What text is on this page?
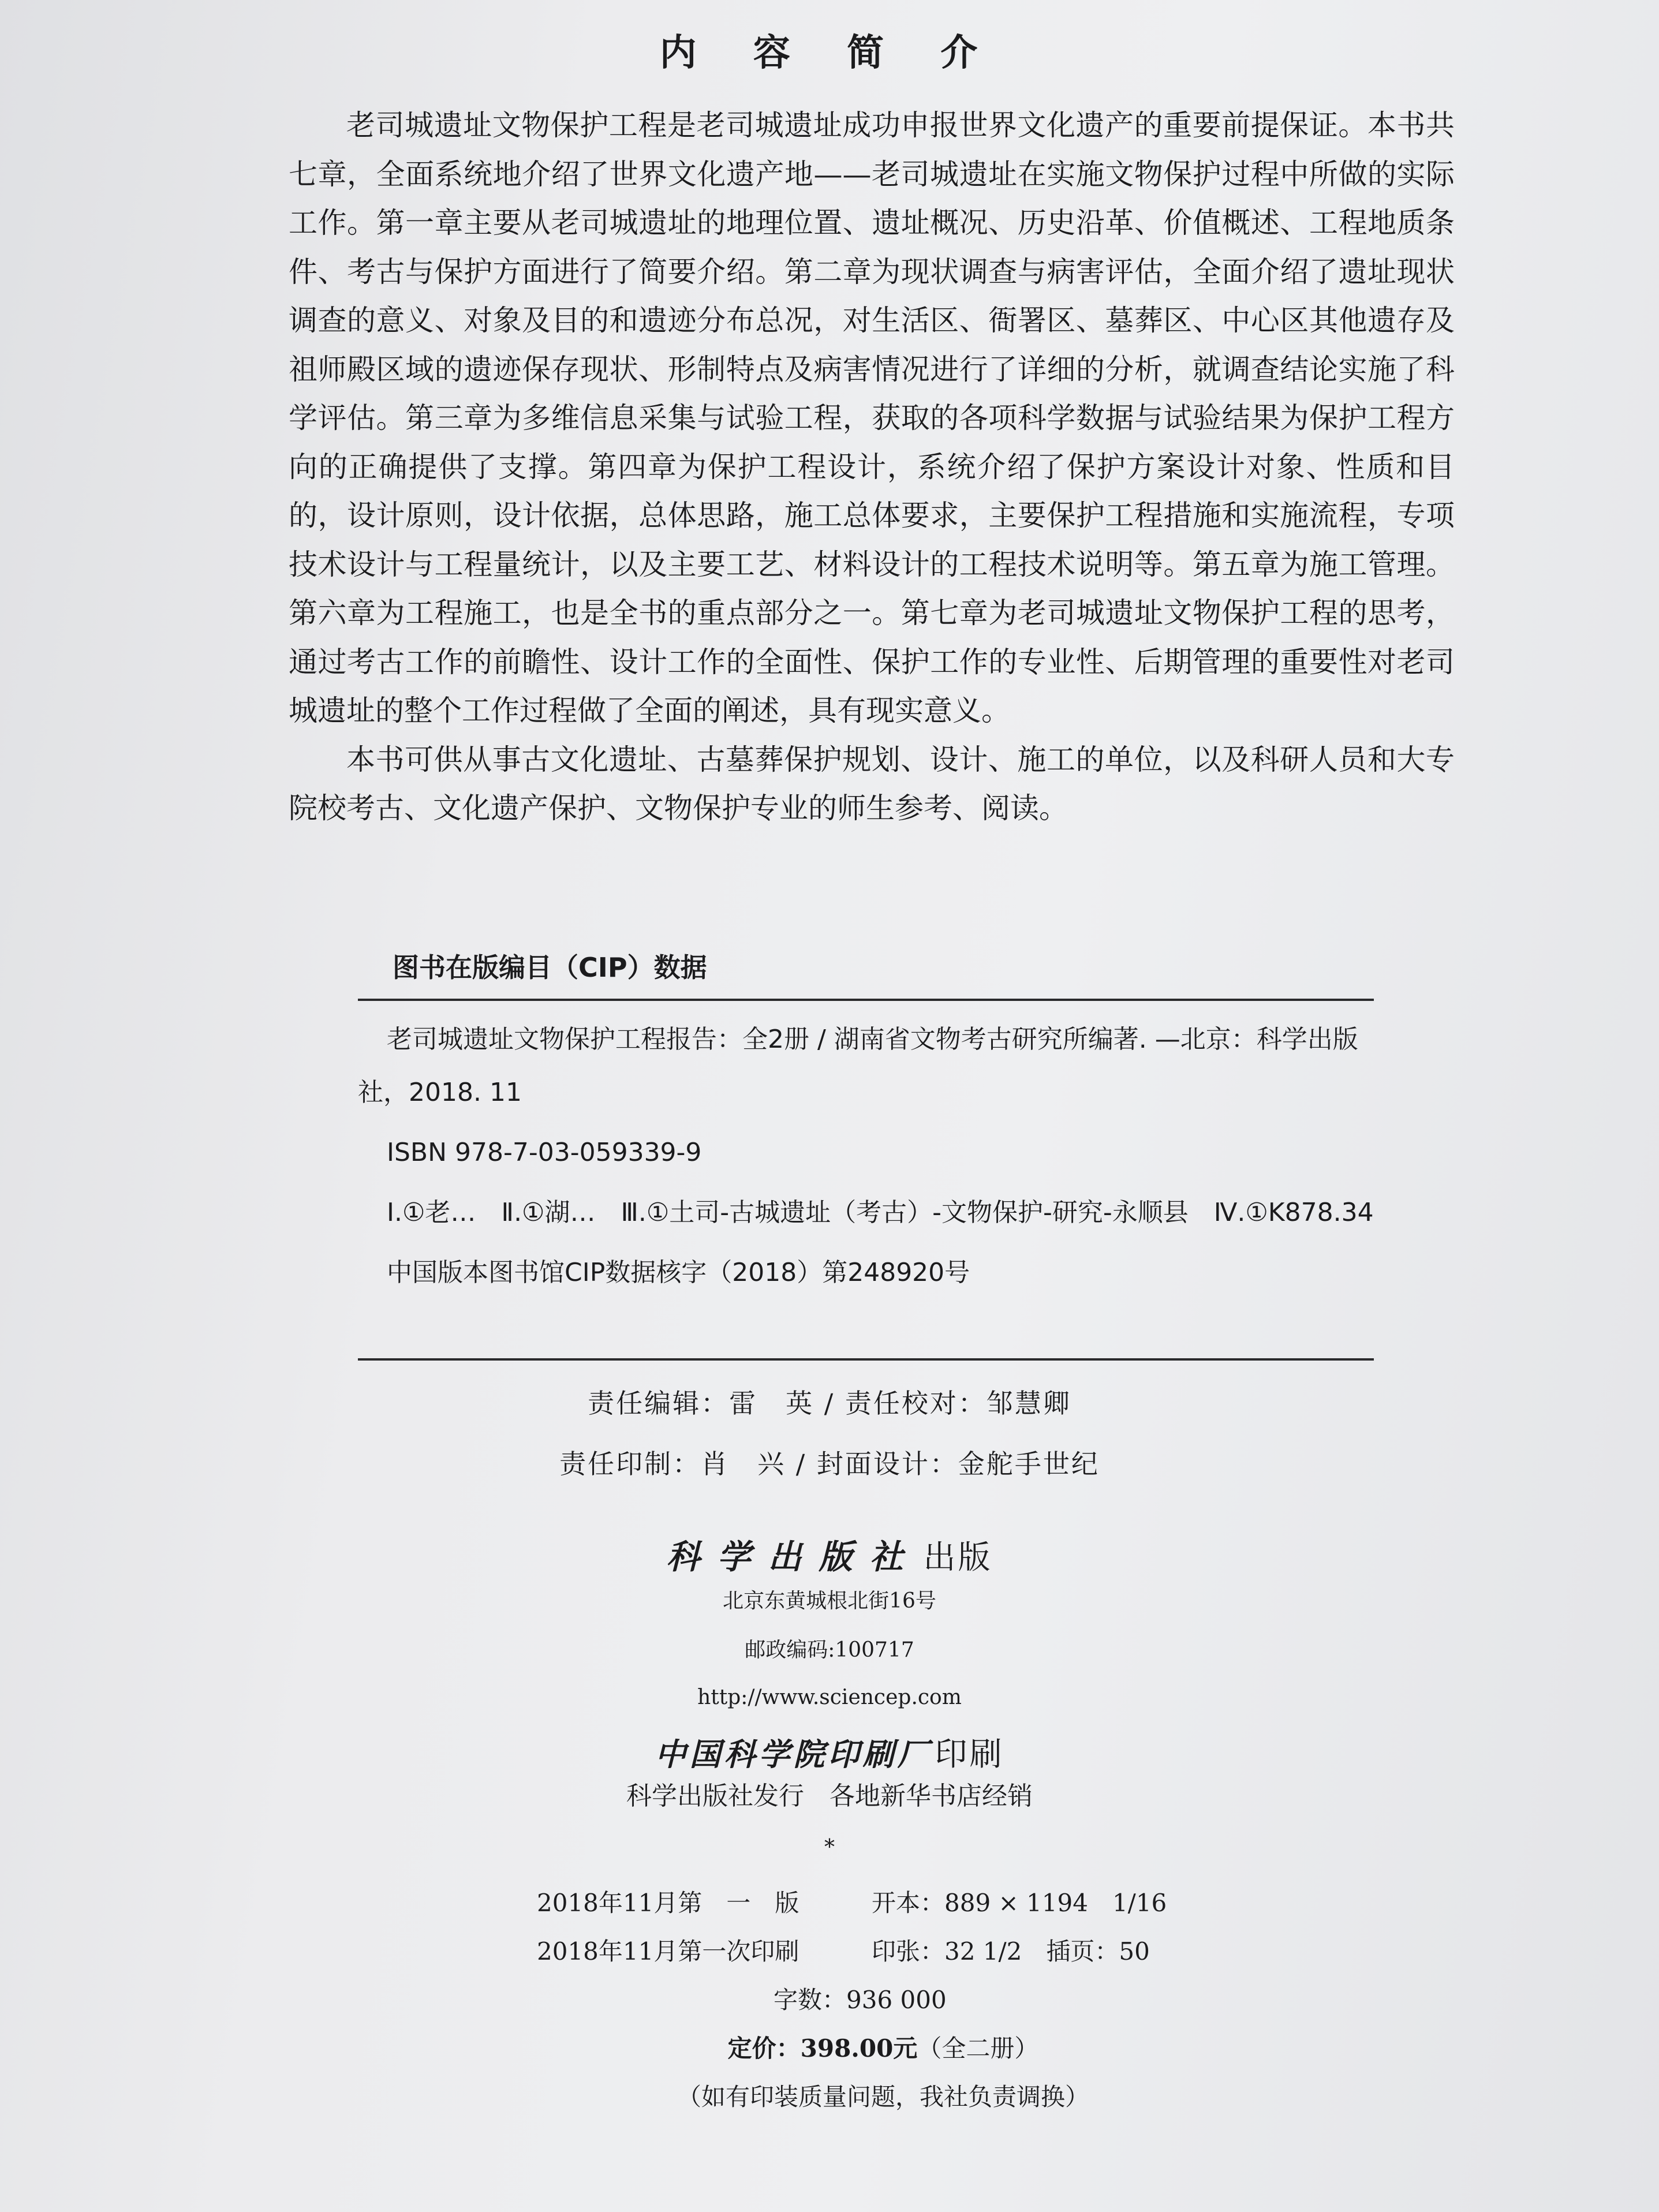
内 容 简 介

老司城遗址文物保护工程是老司城遗址成功申报世界文化遗产的重要前提保证。本书共七章，全面系统地介绍了世界文化遗产地——老司城遗址在实施文物保护过程中所做的实际工作。第一章主要从老司城遗址的地理位置、遗址概况、历史沿革、价值概述、工程地质条件、考古与保护方面进行了简要介绍。第二章为现状调查与病害评估，全面介绍了遗址现状调查的意义、对象及目的和遗迹分布总况，对生活区、衙署区、墓葬区、中心区其他遗存及祖师殿区域的遗迹保存现状、形制特点及病害情况进行了详细的分析，就调查结论实施了科学评估。第三章为多维信息采集与试验工程，获取的各项科学数据与试验结果为保护工程方向的正确提供了支撑。第四章为保护工程设计，系统介绍了保护方案设计对象、性质和目的，设计原则，设计依据，总体思路，施工总体要求，主要保护工程措施和实施流程，专项技术设计与工程量统计，以及主要工艺、材料设计的工程技术说明等。第五章为施工管理。第六章为工程施工，也是全书的重点部分之一。第七章为老司城遗址文物保护工程的思考，通过考古工作的前瞻性、设计工作的全面性、保护工作的专业性、后期管理的重要性对老司城遗址的整个工作过程做了全面的阐述，具有现实意义。

本书可供从事古文化遗址、古墓葬保护规划、设计、施工的单位，以及科研人员和大专院校考古、文化遗产保护、文物保护专业的师生参考、阅读。

图书在版编目（CIP）数据

老司城遗址文物保护工程报告：全2册 / 湖南省文物考古研究所编著. —北京：科学出版社，2018. 11

ISBN 978-7-03-059339-9

Ⅰ.①老…　Ⅱ.①湖…　Ⅲ.①土司-古城遗址（考古）-文物保护-研究-永顺县　Ⅳ.①K878.34

中国版本图书馆CIP数据核字（2018）第248920号

责任编辑：雷　英 / 责任校对：邹慧卿
责任印制：肖　兴 / 封面设计：金舵手世纪
科学出版社 出版
北京东黄城根北街16号
邮政编码:100717
http://www.sciencep.com
中国科学院印刷厂 印刷
科学出版社发行　各地新华书店经销
*
2018年11月第　一　版	开本：889 × 1194　1/16
2018年11月第一次印刷	印张：32 1/2　插页：50
字数：936 000
定价：398.00元（全二册）
（如有印装质量问题，我社负责调换）
